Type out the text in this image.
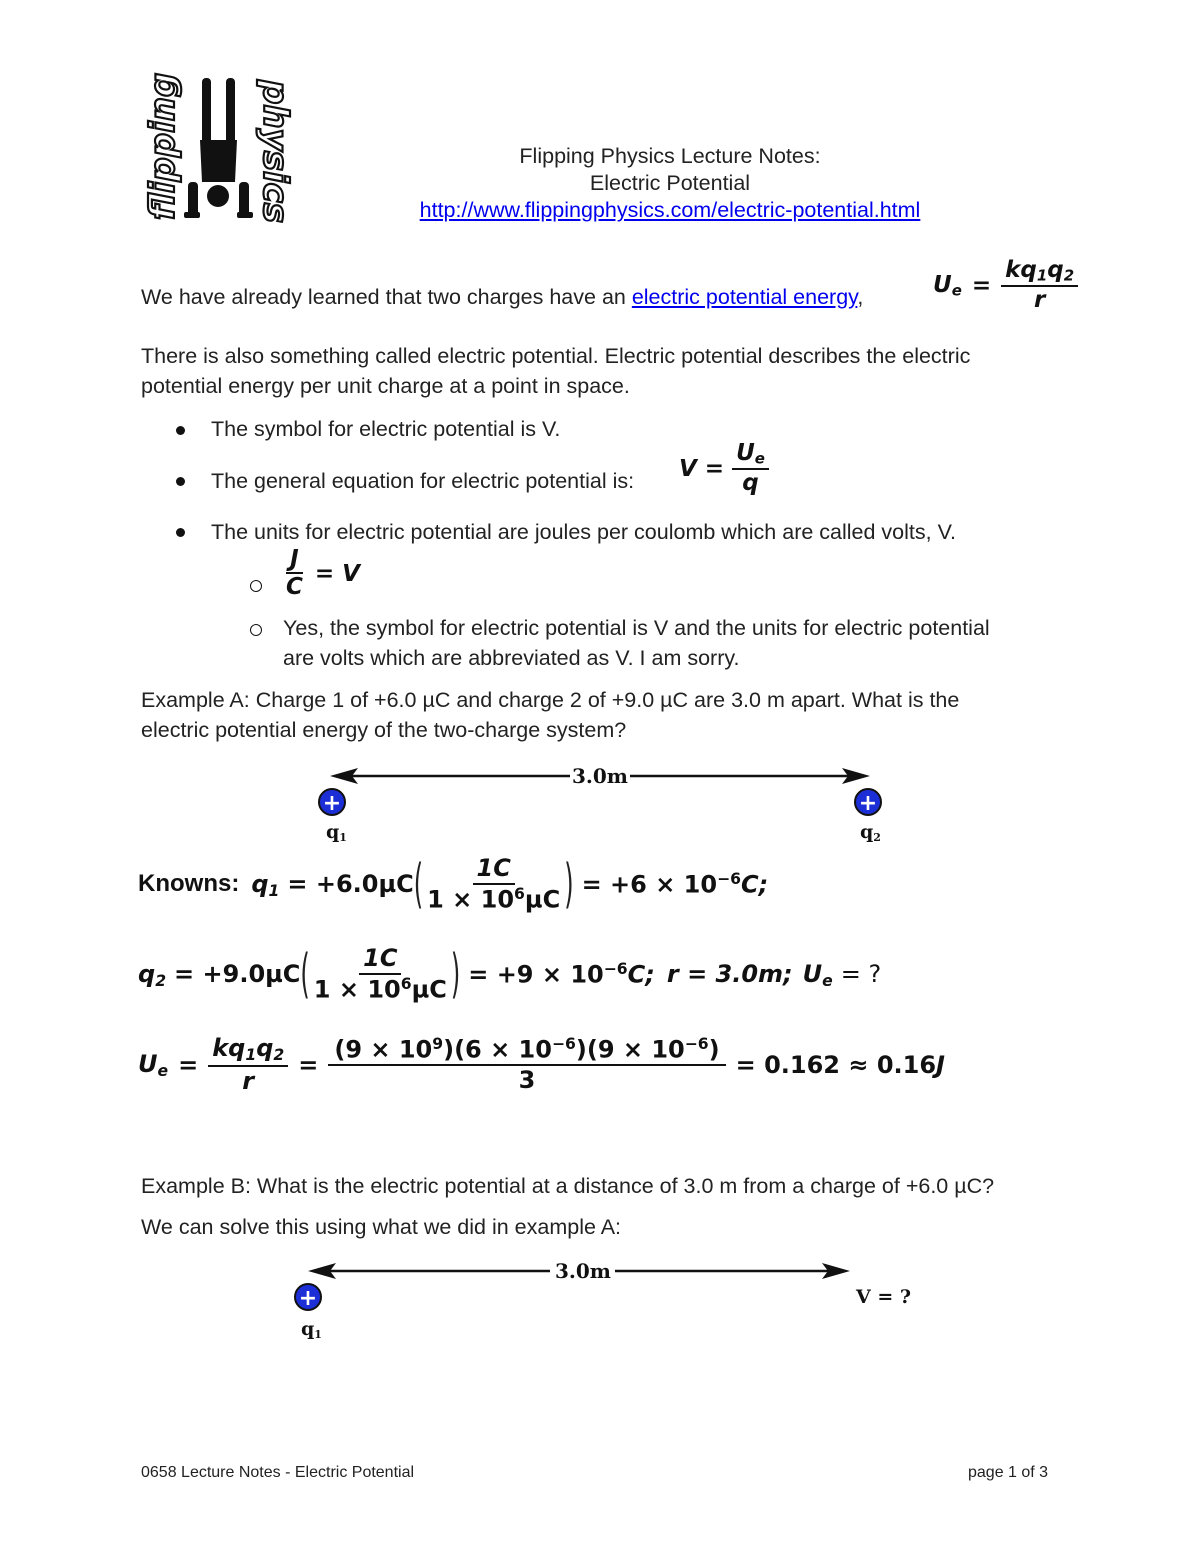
flipping physics	Flipping Physics Lecture Notes:
Electric Potential
http://www.flippingphysics.com/electric-potential.html
We have already learned that two charges have an electric potential energy,	$U_e = \frac{kq_1q_2}{r}$
There is also something called electric potential. Electric potential describes the electric
potential energy per unit charge at a point in space.
The symbol for electric potential is V.
The general equation for electric potential is: $V = \frac{U_e}{q}$
The units for electric potential are joules per coulomb which are called volts, V.
$\frac{J}{C} = V$
Yes, the symbol for electric potential is V and the units for electric potential
are volts which are abbreviated as V. I am sorry.
Example A: Charge 1 of +6.0 µC and charge 2 of +9.0 µC are 3.0 m apart. What is the
electric potential energy of the two-charge system?
3.0m
+	+
q1	q2
Knowns: $q_1 = +6.0\mu C$ ( $\frac{1C}{1 \times 10^6\mu C}$ ) = $+6 \times 10^{-6}C$;
$q_2 = +9.0\mu C$ ( $\frac{1C}{1 \times 10^6\mu C}$ ) = $+9 \times 10^{-6}C$; r = 3.0m; $U_e$ = ?
$U_e = \frac{kq_1q_2}{r} = \frac{(9 \times 10^9)(6 \times 10^{-6})(9 \times 10^{-6})}{3} = 0.162 \approx 0.16J$
Example B: What is the electric potential at a distance of 3.0 m from a charge of +6.0 µC?
We can solve this using what we did in example A:
3.0m
+
q1
V = ?
0658 Lecture Notes - Electric Potential	page 1 of 3
